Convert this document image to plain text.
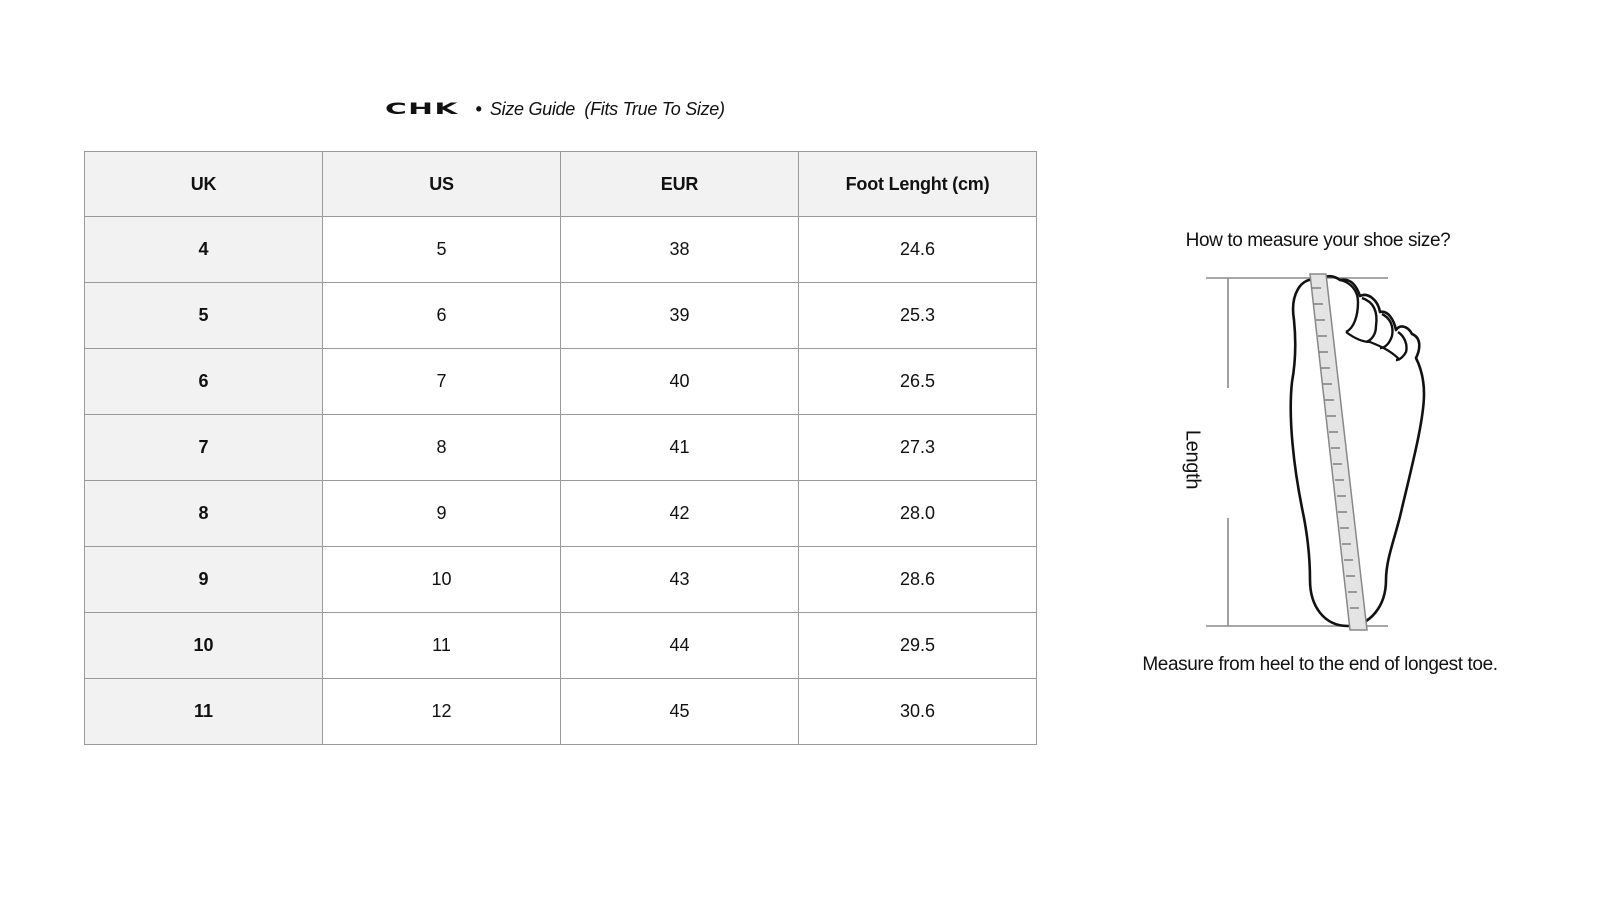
CHK • Size Guide  (Fits True To Size)
UK	US	EUR	Foot Lenght (cm)
4	5	38	24.6
5	6	39	25.3
6	7	40	26.5
7	8	41	27.3
8	9	42	28.0
9	10	43	28.6
10	11	44	29.5
11	12	45	30.6
How to measure your shoe size?
Length
Measure from heel to the end of longest toe.
